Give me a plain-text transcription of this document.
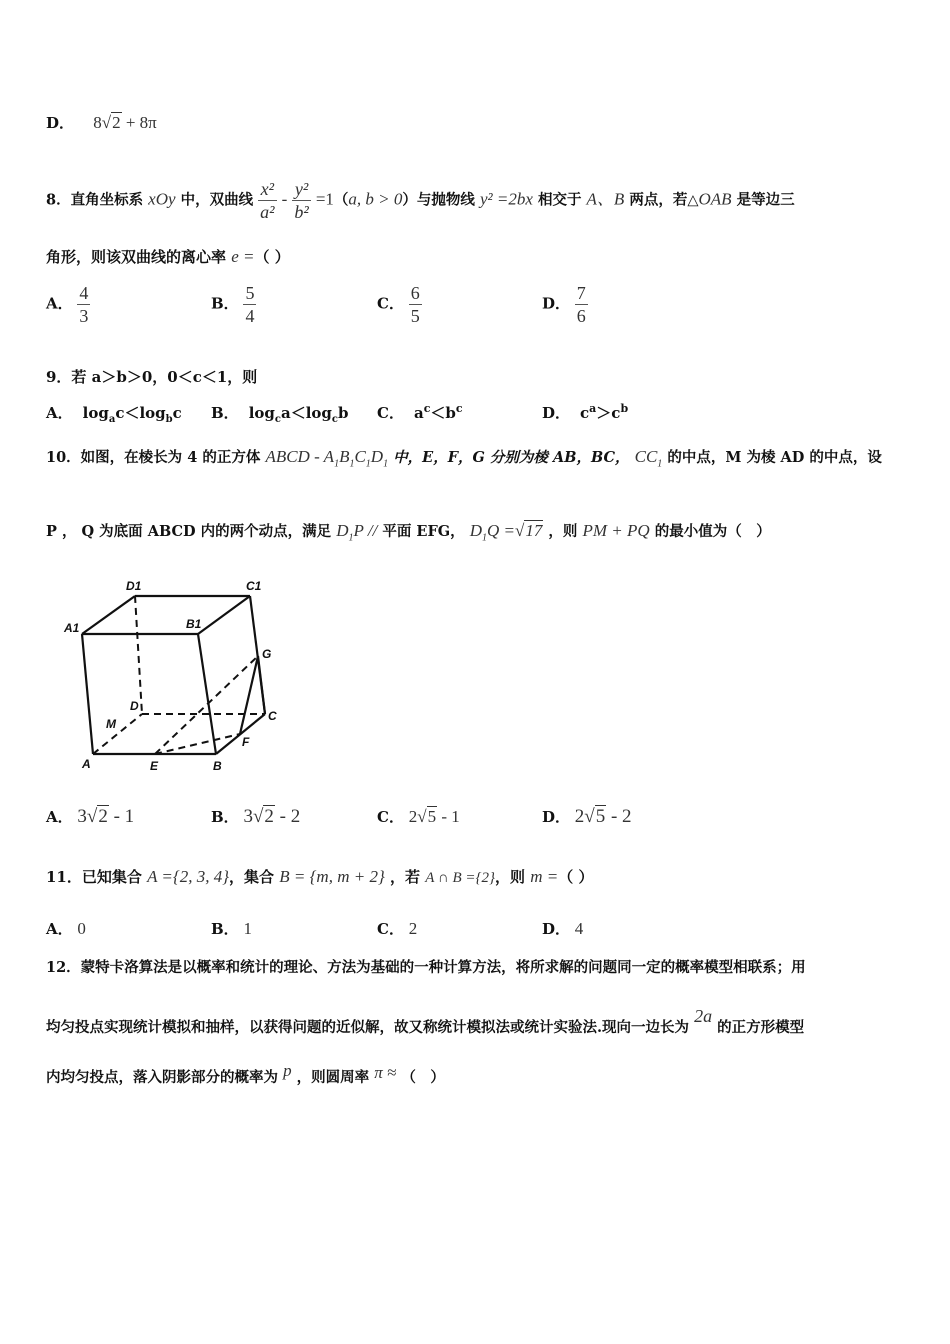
D． 8√2 + 8π
8．直角坐标系 xOy 中，双曲线 $\frac{\text{x²}}{\text{a²}} - \frac{\text{y²}}{\text{b²}} =1(a$, b > 0）与抛物线 y² =2bx 相交于 A、B 两点，若△OAB 是等边三
角形，则该双曲线的离心率 e =（ ）
A． $\frac{4}{3}$	B． $\frac{5}{4}$	C． $\frac{6}{5}$	D． $\frac{7}{6}$
9．若 a＞b＞0，0＜c＜1，则
A． $\log_ac<\log_bc$ B． $\log_ca<\log_cb$ C． $a^c<b^c$	D． $c^a>c^b$
10．如图，在棱长为 4 的正方体 ABCD - $A_1B_1C_1D_1$ 中，E，F，G 分别为棱 AB，BC， $CC_1$ 的中点，M 为棱 AD 的中点，设
P ， Q 为底面 ABCD 内的两个动点，满足 $D_1P$ // 平面 EFG， $D_1Q =√17$ ，则 PM + PQ 的最小值为（　）
D1	C1
A1	B1
G
D
C
M
F
A	E	B
A． 3√2 - 1	B． 3√2 - 2	C． 2√5 - 1	D． 2√5 - 2
11．已知集合 A ={2, 3, 4}，集合 B = {m, m + 2} ，若 A ∩ B ={2}，则 m =（ ）
A． 0	B． 1	C． 2	D． 4
12．蒙特卡洛算法是以概率和统计的理论、方法为基础的一种计算方法，将所求解的问题同一定的概率模型相联系；用
均匀投点实现统计模拟和抽样，以获得问题的近似解，故又称统计模拟法或统计实验法.现向一边长为 2a 的正方形模型
内均匀投点，落入阴影部分的概率为 p ，则圆周率 π ≈ （　）
